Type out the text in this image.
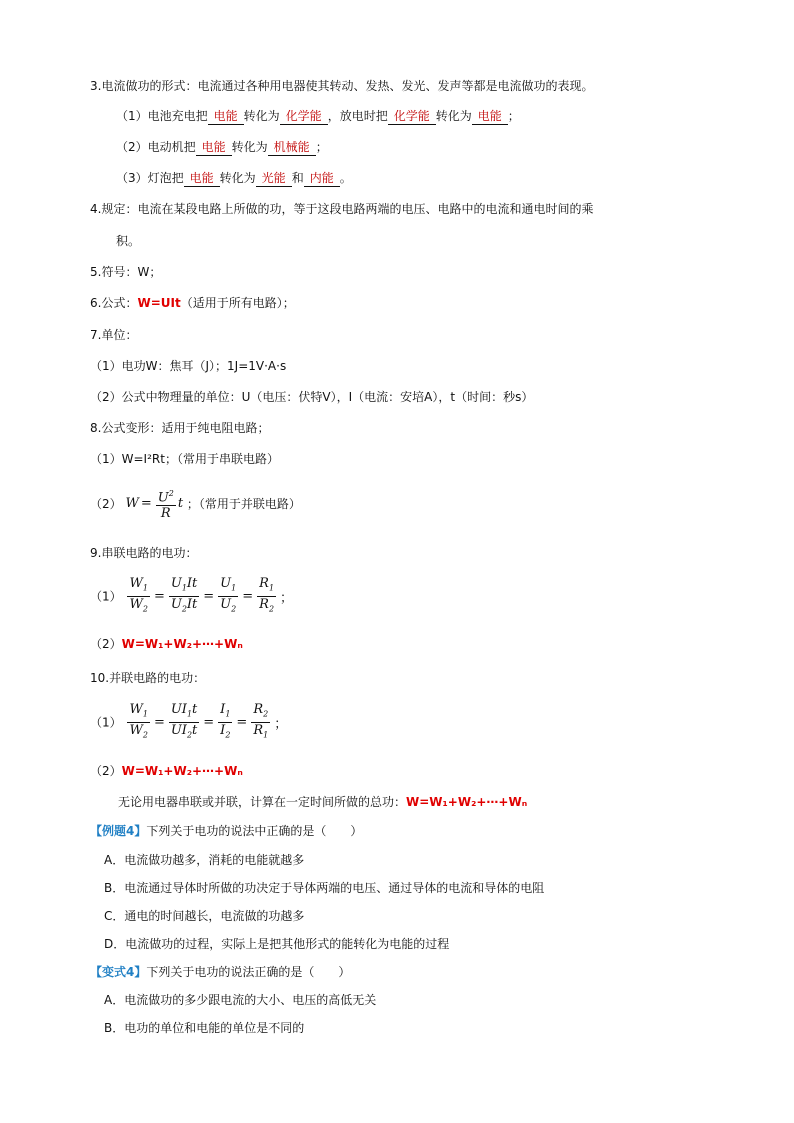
3.电流做功的形式：电流通过各种用电器使其转动、发热、发光、发声等都是电流做功的表现。
（1）电池充电把 电能 转化为 化学能 ，放电时把 化学能 转化为 电能 ；
（2）电动机把 电能 转化为 机械能 ；
（3）灯泡把 电能 转化为 光能 和 内能 。
4.规定：电流在某段电路上所做的功，等于这段电路两端的电压、电路中的电流和通电时间的乘
积。
5.符号：W；
6.公式：W=UIt（适用于所有电路）；
7.单位：
（1）电功W：焦耳（J）；1J=1V·A·s
（2）公式中物理量的单位：U（电压：伏特V），I（电流：安培A），t（时间：秒s）
8.公式变形：适用于纯电阻电路；
（1）W=I²Rt；（常用于串联电路）
（2） $W = \frac{U^2}{R}$ t ；（常用于并联电路）
9.串联电路的电功：
$(1) \frac{W_1}{W_2} = \frac{U_1It}{U_2It} = \frac{U_1}{U_2} = \frac{R_1}{R_2}$ ；
（2）W=W₁+W₂+⋯+Wₙ
10.并联电路的电功：
$(1) \frac{W_1}{W_2} = \frac{UI_1t}{UI_2t} = \frac{I_1}{I_2} = \frac{R_2}{R_1}$ ；
（2）W=W₁+W₂+⋯+Wₙ
无论用电器串联或并联，计算在一定时间所做的总功：W=W₁+W₂+⋯+Wₙ
【例题4】下列关于电功的说法中正确的是（　　）
A．电流做功越多，消耗的电能就越多
B．电流通过导体时所做的功决定于导体两端的电压、通过导体的电流和导体的电阻
C．通电的时间越长，电流做的功越多
D．电流做功的过程，实际上是把其他形式的能转化为电能的过程
【变式4】下列关于电功的说法正确的是（　　）
A．电流做功的多少跟电流的大小、电压的高低无关
B．电功的单位和电能的单位是不同的
